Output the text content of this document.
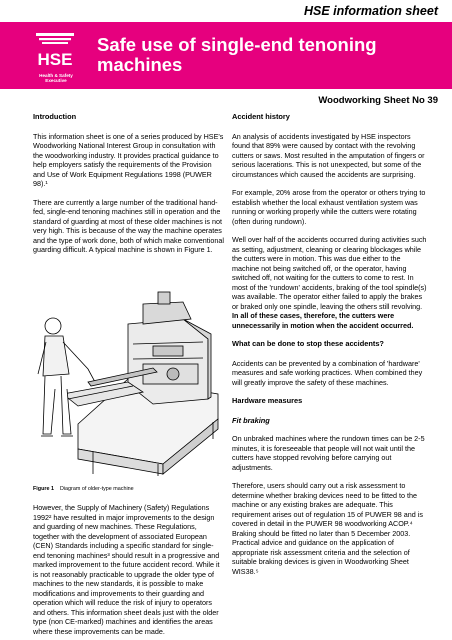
HSE information sheet
HSE
Health & Safety Executive
Safe use of single-end tenoning machines
Woodworking Sheet No 39
Introduction
This information sheet is one of a series produced by HSE's Woodworking National Interest Group in consultation with the woodworking industry. It provides practical guidance to help employers satisfy the requirements of the Provision and Use of Work Equipment Regulations 1998 (PUWER 98).¹
There are currently a large number of the traditional hand-fed, single-end tenoning machines still in operation and the standard of guarding at most of these older machines is not very high. This is because of the way the machine operates and the type of work done, both of which make conventional guarding difficult. A typical machine is shown in Figure 1.
Figure 1 Diagram of older-type machine
However, the Supply of Machinery (Safety) Regulations 1992² have resulted in major improvements to the design and guarding of new machines. These Regulations, together with the development of associated European (CEN) Standards including a specific standard for single-end tenoning machines³ should result in a progressive and marked improvement to the future accident record. While it is not reasonably practicable to upgrade the older type of machines to the new standards, it is possible to make modifications and improvements to their guarding and operation which will reduce the risk of injury to operators and others. This information sheet deals just with the older type (non CE-marked) machines and identifies the areas where these improvements can be made.
Accident history
An analysis of accidents investigated by HSE inspectors found that 89% were caused by contact with the revolving cutters or saws. Most resulted in the amputation of fingers or serious lacerations. This is not unexpected, but some of the circumstances which caused the accidents are surprising.
For example, 20% arose from the operator or others trying to establish whether the local exhaust ventilation system was running or working properly while the cutters were rotating (often during rundown).
Well over half of the accidents occurred during activities such as setting, adjustment, cleaning or clearing blockages while the cutters were in motion. This was due either to the machine not being switched off, or the operator, having switched off, not waiting for the cutters to come to rest. In most of the 'rundown' accidents, braking of the tool spindle(s) was available. The operator either failed to apply the brakes or braked only one spindle, leaving the others still revolving. In all of these cases, therefore, the cutters were unnecessarily in motion when the accident occurred.
What can be done to stop these accidents?
Accidents can be prevented by a combination of 'hardware' measures and safe working practices. When combined they will greatly improve the safety of these machines.
Hardware measures
Fit braking
On unbraked machines where the rundown times can be 2-5 minutes, it is foreseeable that people will not wait until the cutters have stopped revolving before carrying out adjustments.
Therefore, users should carry out a risk assessment to determine whether braking devices need to be fitted to the machine or any existing brakes are adequate. This requirement arises out of regulation 15 of PUWER 98 and is covered in detail in the PUWER 98 woodworking ACOP.⁴ Braking should be fitted no later than 5 December 2003. Practical advice and guidance on the application of appropriate risk assessment criteria and the selection of suitable braking devices is given in Woodworking Sheet WIS38.⁵
